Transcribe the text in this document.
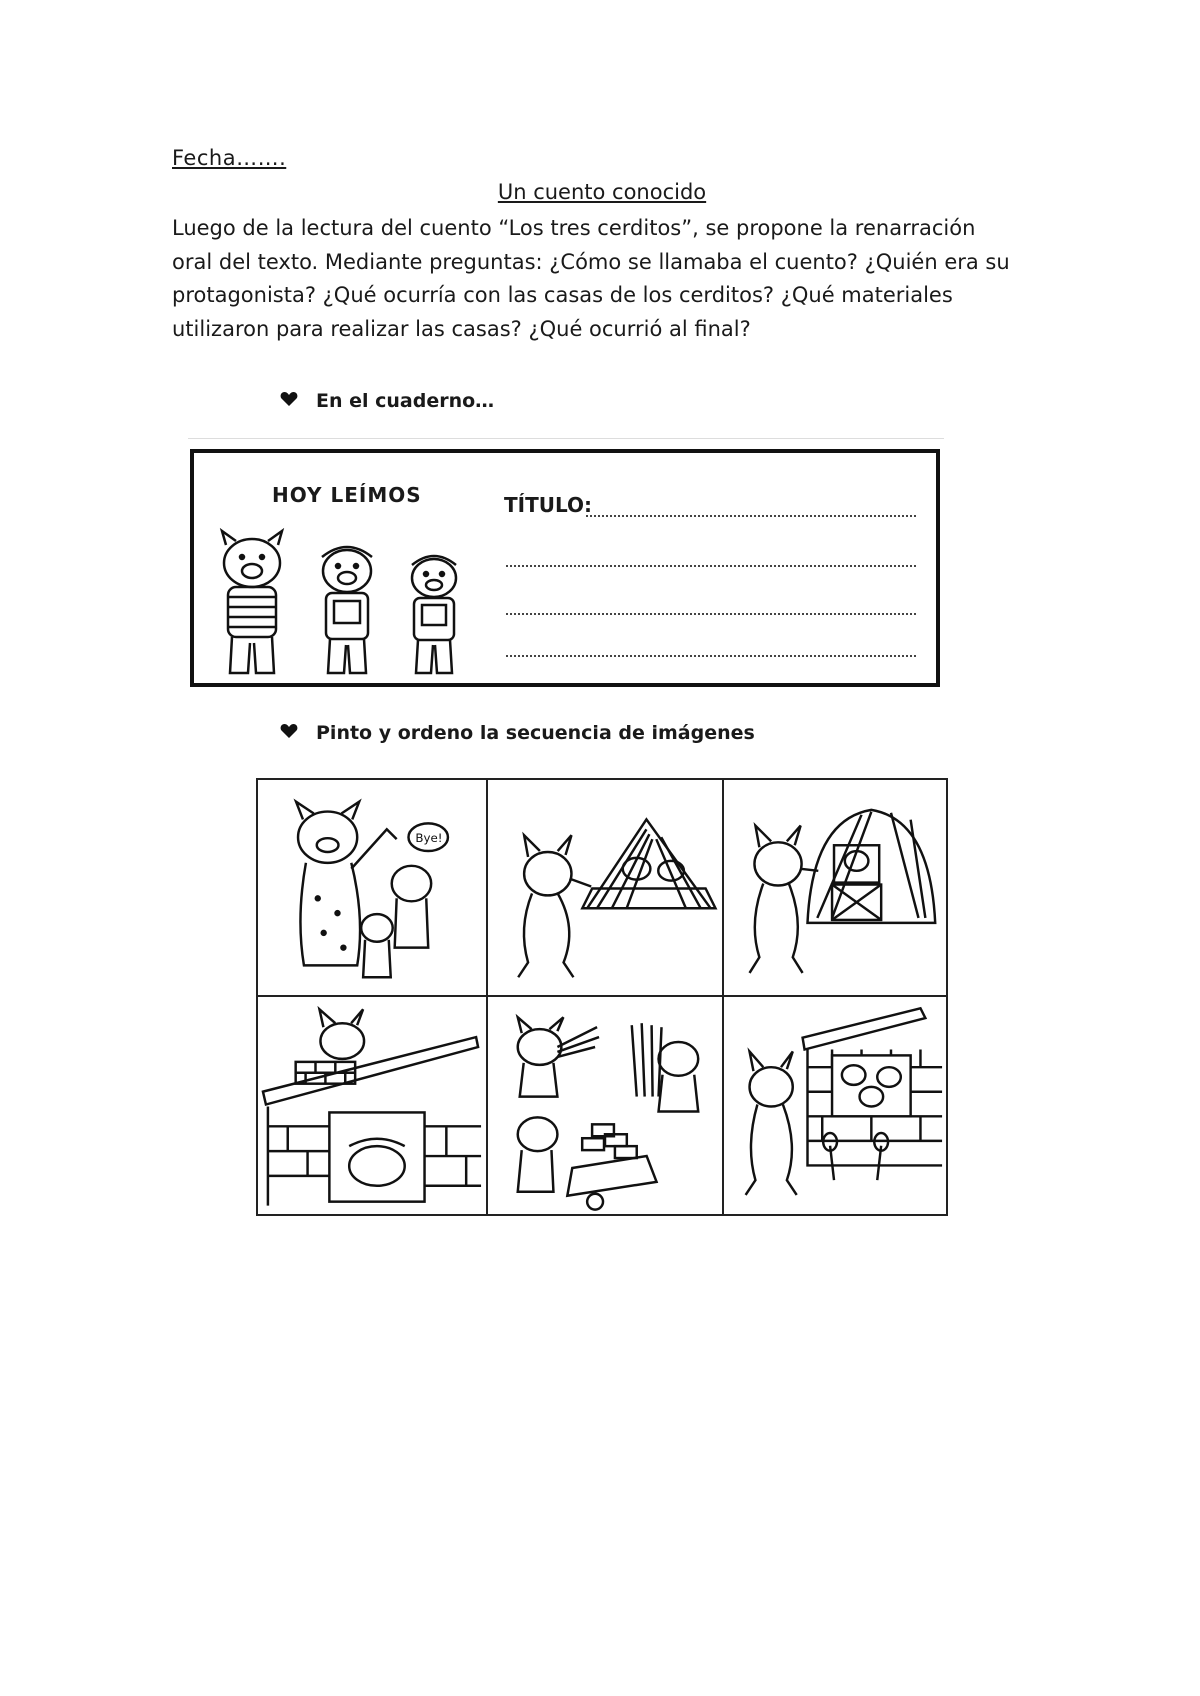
Fecha…….
Un cuento conocido
Luego de la lectura del cuento “Los tres cerditos”, se propone la renarración oral del texto. Mediante preguntas: ¿Cómo se llamaba el cuento? ¿Quién era su protagonista? ¿Qué ocurría con las casas de los cerditos? ¿Qué materiales utilizaron para realizar las casas? ¿Qué ocurrió al final?
En el cuaderno…
HOY LEÍMOS	TÍTULO:
Pinto y ordeno la secuencia de imágenes
Bye!
